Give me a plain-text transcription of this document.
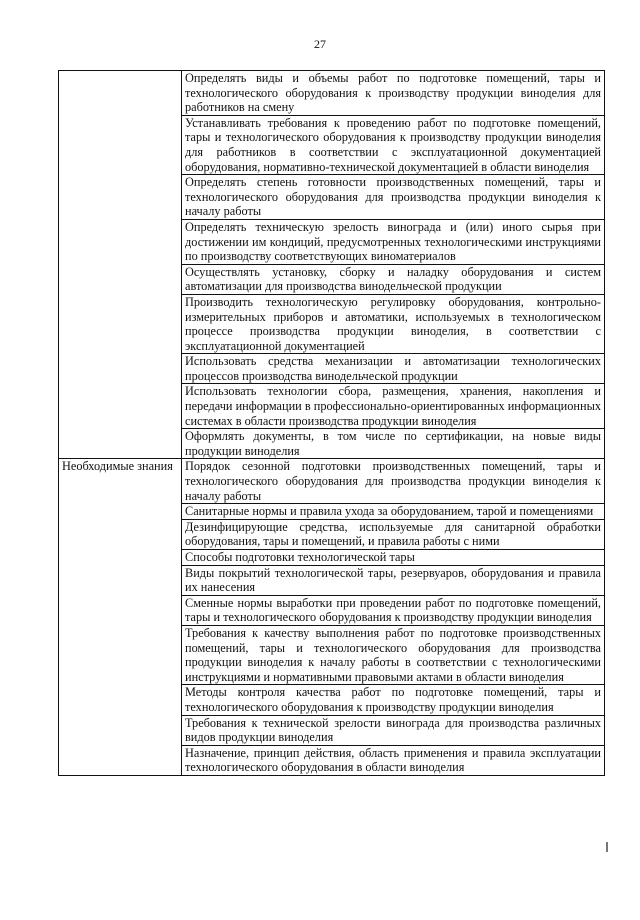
27
	Определять виды и объемы работ по подготовке помещений, тары и технологического оборудования к производству продукции виноделия для работников на смену
	Устанавливать требования к проведению работ по подготовке помещений, тары и технологического оборудования к производству продукции виноделия для работников в соответствии с эксплуатационной документацией оборудования, нормативно-технической документацией в области виноделия
	Определять степень готовности производственных помещений, тары и технологического оборудования для производства продукции виноделия к началу работы
	Определять техническую зрелость винограда и (или) иного сырья при достижении им кондиций, предусмотренных технологическими инструкциями по производству соответствующих виноматериалов
	Осуществлять установку, сборку и наладку оборудования и систем автоматизации для производства винодельческой продукции
	Производить технологическую регулировку оборудования, контрольно-измерительных приборов и автоматики, используемых в технологическом процессе производства продукции виноделия, в соответствии с эксплуатационной документацией
	Использовать средства механизации и автоматизации технологических процессов производства винодельческой продукции
	Использовать технологии сбора, размещения, хранения, накопления и передачи информации в профессионально-ориентированных информационных системах в области производства продукции виноделия
	Оформлять документы, в том числе по сертификации, на новые виды продукции виноделия
Необходимые знания	Порядок сезонной подготовки производственных помещений, тары и технологического оборудования для производства продукции виноделия к началу работы
	Санитарные нормы и правила ухода за оборудованием, тарой и помещениями
	Дезинфицирующие средства, используемые для санитарной обработки оборудования, тары и помещений, и правила работы с ними
	Способы подготовки технологической тары
	Виды покрытий технологической тары, резервуаров, оборудования и правила их нанесения
	Сменные нормы выработки при проведении работ по подготовке помещений, тары и технологического оборудования к производству продукции виноделия
	Требования к качеству выполнения работ по подготовке производственных помещений, тары и технологического оборудования для производства продукции виноделия к началу работы в соответствии с технологическими инструкциями и нормативными правовыми актами в области виноделия
	Методы контроля качества работ по подготовке помещений, тары и технологического оборудования к производству продукции виноделия
	Требования к технической зрелости винограда для производства различных видов продукции виноделия
	Назначение, принцип действия, область применения и правила эксплуатации технологического оборудования в области виноделия
